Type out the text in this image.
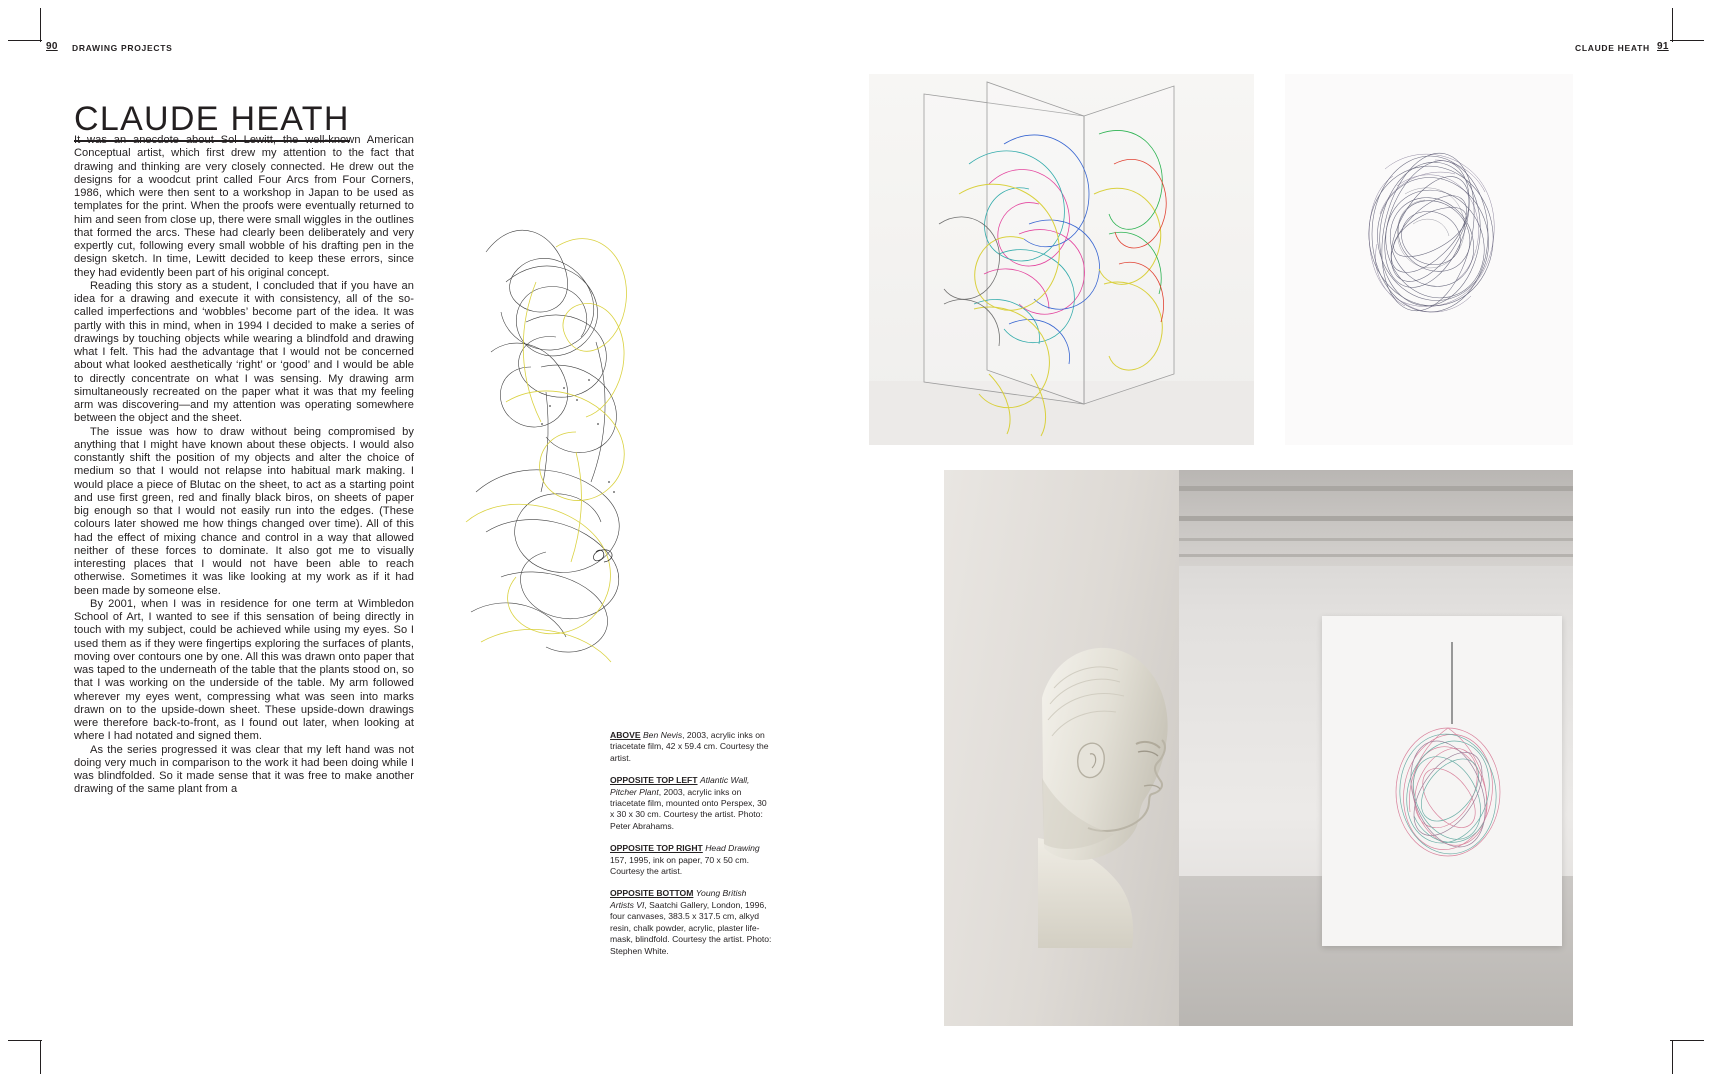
90 DRAWING PROJECTS	CLAUDE HEATH 91
CLAUDE HEATH

It was an anecdote about Sol Lewitt, the well-known American Conceptual artist, which first drew my attention to the fact that drawing and thinking are very closely connected. He drew out the designs for a woodcut print called Four Arcs from Four Corners, 1986, which were then sent to a workshop in Japan to be used as templates for the print. When the proofs were eventually returned to him and seen from close up, there were small wiggles in the outlines that formed the arcs. These had clearly been deliberately and very expertly cut, following every small wobble of his drafting pen in the design sketch. In time, Lewitt decided to keep these errors, since they had evidently been part of his original concept.

Reading this story as a student, I concluded that if you have an idea for a drawing and execute it with consistency, all of the so-called imperfections and ‘wobbles’ become part of the idea. It was partly with this in mind, when in 1994 I decided to make a series of drawings by touching objects while wearing a blindfold and drawing what I felt. This had the advantage that I would not be concerned about what looked aesthetically ‘right’ or ‘good’ and I would be able to directly concentrate on what I was sensing. My drawing arm simultaneously recreated on the paper what it was that my feeling arm was discovering—and my attention was operating somewhere between the object and the sheet.

The issue was how to draw without being compromised by anything that I might have known about these objects. I would also constantly shift the position of my objects and alter the choice of medium so that I would not relapse into habitual mark making. I would place a piece of Blutac on the sheet, to act as a starting point and use first green, red and finally black biros, on sheets of paper big enough so that I would not easily run into the edges. (These colours later showed me how things changed over time). All of this had the effect of mixing chance and control in a way that allowed neither of these forces to dominate. It also got me to visually interesting places that I would not have been able to reach otherwise. Sometimes it was like looking at my work as if it had been made by someone else.

By 2001, when I was in residence for one term at Wimbledon School of Art, I wanted to see if this sensation of being directly in touch with my subject, could be achieved while using my eyes. So I used them as if they were fingertips exploring the surfaces of plants, moving over contours one by one. All this was drawn onto paper that was taped to the underneath of the table that the plants stood on, so that I was working on the underside of the table. My arm followed wherever my eyes went, compressing what was seen into marks drawn on to the upside-down sheet. These upside-down drawings were therefore back-to-front, as I found out later, when looking at where I had notated and signed them.

As the series progressed it was clear that my left hand was not doing very much in comparison to the work it had been doing while I was blindfolded. So it made sense that it was free to make another drawing of the same plant from a

ABOVE Ben Nevis, 2003, acrylic inks on triacetate film, 42 x 59.4 cm. Courtesy the artist.
OPPOSITE TOP LEFT Atlantic Wall, Pitcher Plant, 2003, acrylic inks on triacetate film, mounted onto Perspex, 30 x 30 x 30 cm. Courtesy the artist. Photo: Peter Abrahams.
OPPOSITE TOP RIGHT Head Drawing 157, 1995, ink on paper, 70 x 50 cm. Courtesy the artist.
OPPOSITE BOTTOM Young British Artists VI, Saatchi Gallery, London, 1996, four canvases, 383.5 x 317.5 cm, alkyd resin, chalk powder, acrylic, plaster life-mask, blindfold. Courtesy the artist. Photo: Stephen White.
